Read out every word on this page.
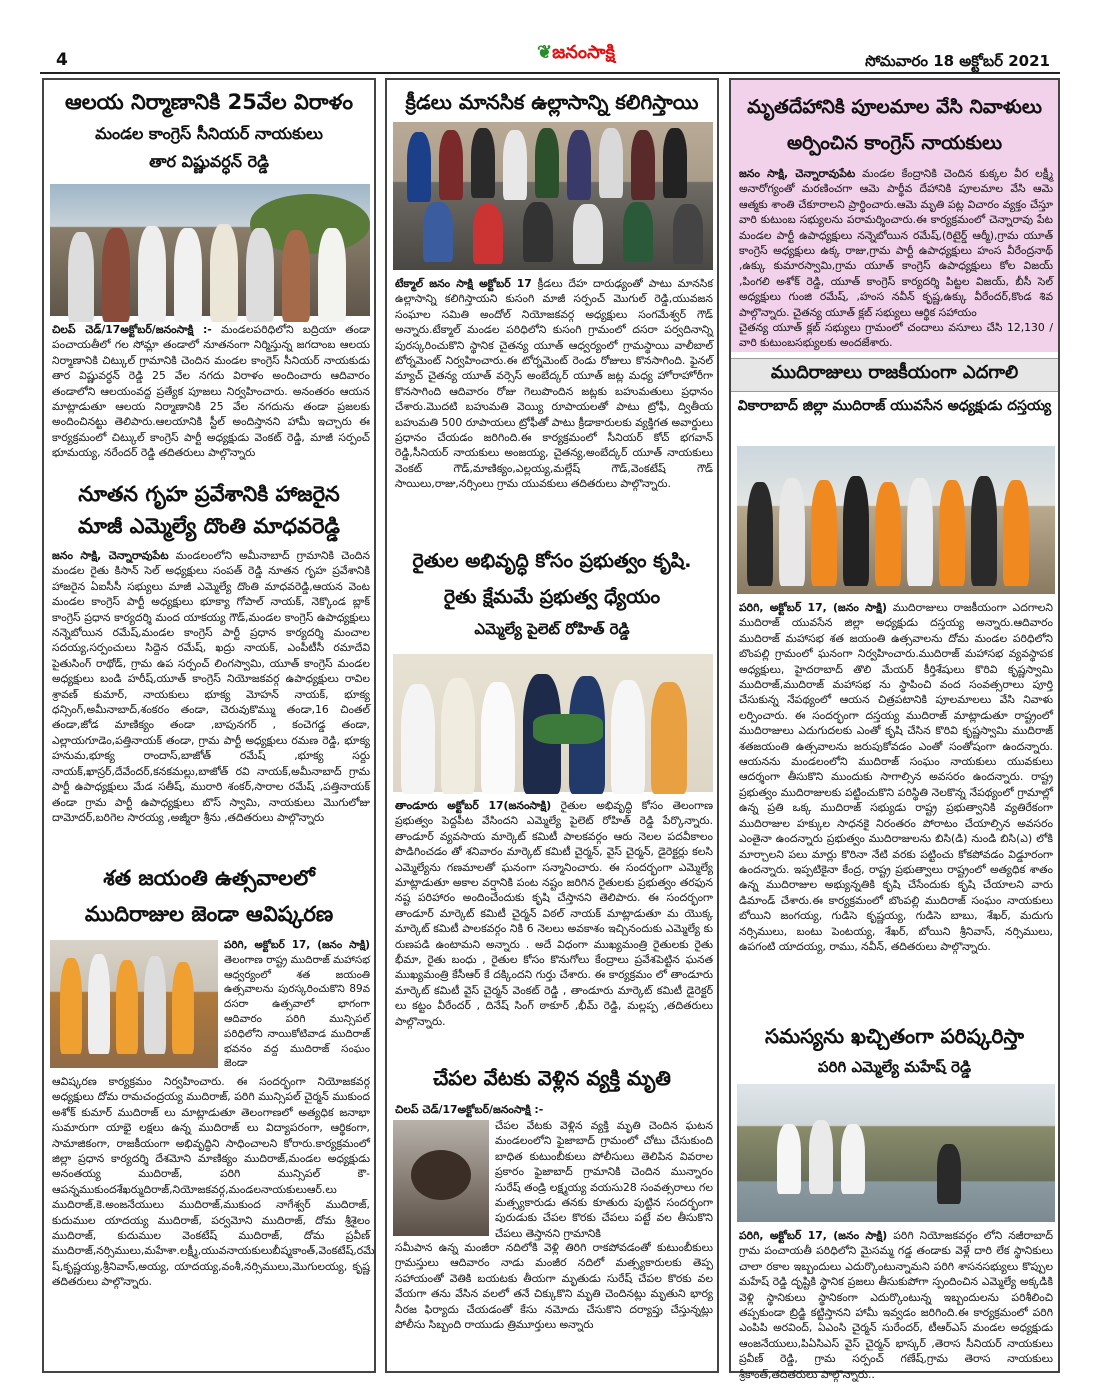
4	❦జనంసాక్షి	సోమవారం 18 అక్టోబర్ 2021
ఆలయ నిర్మాణానికి 25వేల విరాళం
మండల కాంగ్రెస్ సీనియర్ నాయకులు
తార విష్ణువర్ధన్ రెడ్డి

చిలప్ చెడ్/17అక్టోబర్/జనంసాక్షి :- మండలపరిధిలోని బద్రియా తండా పంచాయతీలో గల సోమ్లా తండాలో నూతనంగా నిర్మిస్తున్న జగదాంబ ఆలయ నిర్మాణానికి చిట్కుల్ గ్రామానికి చెందిన మండల కాంగ్రెస్ సీనియర్ నాయకుడు తార విష్ణువర్ధన్ రెడ్డి 25 వేల నగదు విరాళం అందించారు ఆదివారం తండాలోని ఆలయంవద్ద ప్రత్యేక పూజలు నిర్వహించారు. అనంతరం ఆయన మాట్లాడుతూ ఆలయ నిర్మాణానికి 25 వేల నగదును తండా ప్రజలకు అందించినట్టు తెలిపారు.ఆలయానికి స్టీల్ అందిస్తానని హామీ ఇచ్చారు ఈ కార్యక్రమంలో చిట్కుల్ కాంగ్రెస్ పార్టీ అధ్యక్షుడు వెంకట్ రెడ్డి, మాజీ సర్పంచ్ భూమయ్య, నరేందర్ రెడ్డి తదితరులు పాల్గొన్నారు

నూతన గృహ ప్రవేశానికి హాజరైన
మాజీ ఎమ్మెల్యే దొంతి మాధవరెడ్డి

జనం సాక్షి, చెన్నారావుపేట మండలంలోని అమీనాబాద్ గ్రామానికి చెందిన మండల రైతు కిసాన్ సెల్ అధ్యక్షులు సంపత్ రెడ్డి నూతన గృహ ప్రవేశానికి హాజరైన ఏఐసీసీ సభ్యులు మాజీ ఎమ్మెల్యే దొంతి మాధవరెడ్డి,ఆయన వెంట మండల కాంగ్రెస్ పార్టీ అధ్యక్షులు భూక్యా గోపాల్ నాయక్, నెక్కొండ బ్లాక్ కాంగ్రెస్ ప్రధాన కార్యదర్శి మంద యాకయ్య గౌడ్,మండల కాంగ్రెస్ ఉపాధ్యక్షులు నన్నెబోయిన రమేష్,మండల కాంగ్రెస్ పార్టీ ప్రధాన కార్యదర్శి మంచాల సదయ్య,సర్పంచులు సిద్దెన రమేష్, ఖద్రు నాయక్, ఎంపీటీసీ రమాదేవి పైతుసింగ్ రాథోడ్, గ్రామ ఉప సర్పంచ్ లింగస్వామి, యూత్ కాంగ్రెస్ మండల అధ్యక్షులు బండి హరీష్,యూత్ కాంగ్రెస్ నియోజకవర్గ ఉపాధ్యక్షులు రావిల శ్రావణ్ కుమార్, నాయకులు భూక్య మోహన్ నాయక్, భూక్య ధన్సింగ్,అమీనాబాద్,శంకరం తండా, చెరువుకొమ్ము తండా,16 చింతల్ తండా,జోడ మాణిక్యం తండా ,బాపునగర్ , కంచెగడ్డ తండా, ఎల్లాయగూడెం,పత్తినాయక్ తండా, గ్రామ పార్టీ అధ్యక్షులు రమణ రెడ్డి, భూక్య హనుమ,భూక్య రాందాస్,బాజోత్ రమేష్ ,భూక్య సర్దు నాయక్,ఖాస్రర్,దేవేందర్,కనకమల్లు,బాజోత్ రవి నాయక్,అమీనాబాద్ గ్రామ పార్టీ ఉపాధ్యక్షులు మేడ సతీష్, మురారి శంకర్,సారాల రమేష్ ,పత్తినాయక్ తండా గ్రామ పార్టీ ఉపాధ్యక్షులు బొస్ స్వామి, నాయకులు మొగులోజు దామోదర్,బరిగెల సారయ్య ,అజ్మీరా శ్రీను ,తదితరులు పాల్గొన్నారు

శత జయంతి ఉత్సవాలలో
ముదిరాజుల జెండా ఆవిష్కరణ

పరిగి, అక్టోబర్ 17, (జనం సాక్షి) తెలంగాణ రాష్ట్ర ముదిరాజ్ మహాసభ ఆధ్వర్యంలో శత జయంతి ఉత్సవాలను పురస్కరించుకొని 89వ దసరా ఉత్సవాలో భాగంగా ఆదివారం పరిగి మున్సిపల్ పరిధిలోని నాయికోటివాడ ముదిరాజ్ భవనం వద్ద ముదిరాజ్ సంఘం జెండా

ఆవిష్కరణ కార్యక్రమం నిర్వహించారు. ఈ సందర్భంగా నియోజకవర్గ అధ్యక్షులు దోమ రామచంద్రయ్య ముదిరాజ్, పరిగి మున్సిపల్ చైర్మన్ ముకుంద అశోక్ కుమార్ ముదిరాజ్ లు మాట్లాడుతూ తెలంగాణలో అత్యధిక జనాభా సుమారుగా యాభై లక్షలు ఉన్న ముదిరాజ్ లు విద్యాపరంగా, ఆర్థికంగా, సామాజికంగా, రాజకీయంగా అభివృద్ధిని సాధించాలని కోరారు.కార్యక్రమంలో జిల్లా ప్రధాన కార్యదర్శి దేశమోని మాణిక్యం ముదిరాజ్,మండల అధ్యక్షుడు అనంతయ్య ముదిరాజ్, పరిగి మున్సిపల్ కౌ- ఆపన్నముకుందశేఖర్ముదిరాజ్,నియోజకవర్గ,మండలనాయకులుఆర్.లు ముదిరాజ్,కె.అంజనేయులు ముదిరాజ్,ముకుంద నాగేశ్వర్ ముదిరాజ్, కుదుముల యాదయ్య ముదిరాజ్, పర్వమోని ముదిరాజ్, దోమ శ్రీశైలం ముదిరాజ్, కుదుముల వెంకటేష్ ముదిరాజ్, దోమ ప్రవీణ్ ముదిరాజ్,నర్సిములు,మహేశా.లక్ష్మీ,యువనాయకులుబీష్మకాంత్,వెంకటేష్,రమే ష్,కృష్ణయ్య,శ్రీనివాస్,అయ్య, యాదయ్య,వంశీ,నర్సిములు,మొగులయ్య, కృష్ణ తదితరులు పాల్గొన్నారు.

క్రీడలు మానసిక ఉల్లాసాన్ని కలిగిస్తాయి

టేక్మాల్ జనం సాక్షి అక్టోబర్ 17 క్రీడలు దేహ దారుఢ్యంతో పాటు మానసిక ఉల్లాసాన్ని కలిగిస్తాయని కుసంగి మాజీ సర్పంచ్ మొగుల్ రెడ్డి,యువజన సంఘాల సమితి అందోల్ నియోజకవర్గ అధ్యక్షులు సంగమేశ్వర్ గౌడ్ అన్నారు.టేక్మాల్ మండల పరిధిలోని కుసంగి గ్రామంలో దసరా పర్వదినాన్ని పురస్కరించుకొని స్థానిక చైతన్య యూత్ ఆధ్వర్యంలో గ్రామస్థాయి వాలీబాల్ టోర్నమెంట్ నిర్వహించారు.ఈ టోర్నమెంట్ రెండు రోజులు కొనసాగింది. ఫైనల్ మ్యాచ్ చైతన్య యూత్ వర్సెస్ అంబేద్కర్ యూత్ జట్ల మధ్య హోరాహోరీగా కొనసాగింది ఆదివారం రోజు గెలుపొందిన జట్లకు బహుమతులు ప్రధానం చేశారు.మొదటి బహుమతి వెయ్యి రూపాయలతో పాటు ట్రోఫీ, ద్వితీయ బహుమతి 500 రూపాయలు ట్రోఫీతో పాటు క్రీడాకారులకు వ్యక్తిగత అవార్డులు ప్రధానం చేయడం జరిగింది.ఈ కార్యక్రమంలో సీనియర్ కోచ్ భగవాన్ రెడ్డి,సీనియర్ నాయకులు అంజయ్య, చైతన్య,అంబేద్కర్ యూత్ నాయకులు వెంకట్ గౌడ్,మాణిక్యం,ఎల్లయ్య,మల్లేష్ గౌడ్,వెంకటేష్ గౌడ్ సాయిలు,రాజు,నర్సింలు గ్రామ యువకులు తదితరులు పాల్గొన్నారు.

రైతుల అభివృద్ధి కోసం ప్రభుత్వం కృషి.
రైతు క్షేమమే ప్రభుత్వ ధ్యేయం
ఎమ్మెల్యే పైలెట్ రోహిత్ రెడ్డి

తాండూరు అక్టోబర్ 17(జనంసాక్షి) రైతుల అభివృద్ధి కోసం తెలంగాణ ప్రభుత్వం పెద్దపీట వేసిందని ఎమ్మెల్యే పైలెట్ రోహిత్ రెడ్డి పేర్కొన్నారు. తాండూర్ వ్యవసాయ మార్కెట్ కమిటీ పాలకవర్గం ఆరు నెలల పదవీకాలం పొడిగించడం తో శనివారం మార్కెట్ కమిటీ చైర్మన్, వైస్ చైర్మన్, డైరెక్టర్లు కలసి ఎమ్మెల్యేను గణమాలతో ఘనంగా సన్మానించారు. ఈ సందర్భంగా ఎమ్మెల్యే మాట్లాడుతూ అకాల వర్షానికి పంట నష్టం జరిగిన రైతులకు ప్రభుత్వం తరఫున నష్ట పరిహారం అందించేందుకు కృషి చేస్తానని తెలిపారు. ఈ సందర్భంగా తాండూర్ మార్కెట్ కమిటీ చైర్మన్ విఠల్ నాయక్ మాట్లాడుతూ మ యొక్క మార్కెట్ కమిటీ పాలకవర్గం నికి 6 నెలలు అవకాశం ఇచ్చినందుకు ఎమ్మెల్యే కు రుణపడి ఉంటామని అన్నారు . అదే విధంగా ముఖ్యమంత్రి రైతులకు రైతు భీమా, రైతు బంధు , రైతుల కోసం కొనుగోలు కేంద్రాలు ప్రవేశపెట్టిన ఘనత ముఖ్యమంత్రి కేసీఆర్ కే దక్కిందని గుర్తు చేశారు. ఈ కార్యక్రమం లో తాండూరు మార్కెట్ కమిటీ వైస్ చైర్మన్ వెంకట్ రెడ్డి , తాండూరు మార్కెట్ కమిటీ డైరెక్టర్ లు కట్టం వీరేందర్ , దినేష్ సింగ్ ఠాకూర్ ,భీమ్ రెడ్డి, మల్లప్ప ,తదితరులు పాల్గొన్నారు.

చేపల వేటకు వెళ్లిన వ్యక్తి మృతి

చిలప్ చెడ్/17అక్టోబర్/జనంసాక్షి :-

చేపల వేటకు వెళ్లిన వ్యక్తి మృతి చెందిన ఘటన మండలంలోని ఫైజాబాద్ గ్రామంలో చోటు చేసుకుంది బాధిత కుటుంబీకులు పోలీసులు తెలిపిన వివరాల ప్రకారం ఫైజాబాద్ గ్రామానికి చెందిన మున్నారం సురేష్ తండ్రి లక్ష్మయ్య వయసు28 సంవత్సరాలు గల మత్స్యకారుడు తనకు కూతురు పుట్టిన సందర్భంగా పురుడుకు చేపల కొరకు చేపలు పట్టే వల తీసుకొని చేపలు తెస్తానని గ్రామానికి

సమీపాన ఉన్న మంజీరా నదిలోకి వెళ్లి తిరిగి రాకపోవడంతో కుటుంబీకులు గ్రామస్తులు ఆదివారం నాడు మంజీర నదిలో మత్స్యకారులకు తెప్ప సహాయంతో వెతికి బయటకు తీయగా మృతుడు సురేష్ చేపల కొరకు వల వేయగా తను వేసిన వలలో తనే చిక్కుకొని మృతి చెందినట్లు మృతుని భార్య నీరజ ఫిర్యాదు చేయడంతో కేసు నమోదు చేసుకొని దర్యాప్తు చేస్తున్నట్లు పోలీసు సిబ్బంది రాయుడు త్రిమూర్తులు అన్నారు

మృతదేహానికి పూలమాల వేసి నివాళులు
అర్పించిన కాంగ్రెస్ నాయకులు

జనం సాక్షి, చెన్నారావుపేట మండల కేంద్రానికి చెందిన కుక్కల వీర లక్ష్మీ అనారోగ్యంతో మరణించగా ఆమె పార్థీవ దేహానికి పూలమాల వేసి ఆమె ఆత్మకు శాంతి చేకూరాలని ప్రార్థించారు.ఆమె మృతి పట్ల విచారం వ్యక్తం చేస్తూ వారి కుటుంబ సభ్యులను పరామర్శించారు.ఈ కార్యక్రమంలో చెన్నారావు పేట మండల పార్టీ ఉపాధ్యక్షులు నన్నెబోయిన రమేష్,(రిటైర్డ్ ఆర్మీ),గ్రామ యూత్ కాంగ్రెస్ అధ్యక్షులు ఉక్క రాజు,గ్రామ పార్టీ ఉపాధ్యక్షులు హంస వీరేంద్రనాథ్ ,ఉక్కు కుమారస్వామి,గ్రామ యూత్ కాంగ్రెస్ ఉపాధ్యక్షులు కోల విజయ్ ,పింగలి అశోక్ రెడ్డి, యూత్ కాంగ్రెస్ కార్యదర్శి పిట్టల విజయ్, బీసీ సెల్ అధ్యక్షులు గుంజి రమేష్, ,హంస నవీన్ కృష్ణ,ఉక్కు వీరేందర్,కొండ శివ పాల్గొన్నారు. చైతన్య యూత్ క్లబ్ సభ్యులు ఆర్థిక సహాయం

చైతన్య యూత్ క్లబ్ సభ్యులు గ్రామంలో చందాలు వసూలు చేసి 12,130 / వారి కుటుంబసభ్యులకు అందజేశారు.

ముదిరాజులు రాజకీయంగా ఎదగాలి
వికారాబాద్ జిల్లా ముదిరాజ్ యువసేన అధ్యక్షుడు దస్తయ్య

పరిగి, అక్టోబర్ 17, (జనం సాక్షి) ముదిరాజులు రాజకీయంగా ఎదగాలని ముదిరాజ్ యువసేన జిల్లా అధ్యక్షుడు దస్తయ్య అన్నారు.ఆదివారం ముదిరాజ్ మహాసభ శత జయంతి ఉత్సవాలను దోమ మండల పరిధిలోని బొంపల్లి గ్రామంలో ఘనంగా నిర్వహించారు.ముదిరాజ్ మహాసభ వ్యవస్థాపక అధ్యక్షులు, హైదరాబాద్ తొలి మేయర్ కీర్తిశేషులు కొరివి కృష్ణస్వామి ముదిరాజ్,ముదిరాజ్ మహాసభ ను స్థాపించి వంద సంవత్సరాలు పూర్తి చేసుకున్న నేపథ్యంలో ఆయన చిత్రపటానికి పూలమాలలు వేసి నివాళు లర్పించారు. ఈ సందర్భంగా దస్తయ్య ముదిరాజ్ మాట్లాడుతూ రాష్ట్రంలో ముదిరాజులు ఎదుగుదలకు ఎంతో కృషి చేసిన కొరివి కృష్ణస్వామి ముదిరాజ్ శతజయంతి ఉత్సవాలను జరుపుకోవడం ఎంతో సంతోషంగా ఉందన్నారు. ఆయనను మండలంలోని ముదిరాజ్ సంఘం నాయకులు యువకులు ఆదర్శంగా తీసుకొని ముందుకు సాగాల్సిన అవసరం ఉందన్నారు. రాష్ట్ర ప్రభుత్వం ముదిరాజులకు పట్టించుకొని పరిస్థితి నెలకొన్న నేపథ్యంలో గ్రామాల్లో ఉన్న ప్రతి ఒక్క ముదిరాజ్ సభ్యుడు రాష్ట్ర ప్రభుత్వానికి వ్యతిరేకంగా ముదిరాజుల హక్కుల సాధనకై నిరంతరం పోరాటం చేయాల్సిన అవసరం ఎంతైనా ఉందన్నారు ప్రభుత్వం ముదిరాజులను బిసి(డి) నుండి బిసి(ఎ) లోకి మార్చాలని పలు మార్లు కొరినా నేటి వరకు పట్టించు కోకపోవడం విడ్డూరంగా ఉందన్నారు. ఇప్పటికైనా కేంద్ర, రాష్ట్ర ప్రభుత్వాలు రాష్ట్రంలో అత్యధిక శాతం ఉన్న ముదిరాజుల అభ్యున్నతికి కృషి చేసేందుకు కృషి చేయాలని వారు డిమాండ్ చేశారు.ఈ కార్యక్రమంలో బొంపల్లి ముదిరాజ్ సంఘం నాయకులు బోయిని జంగయ్య, గుడిసె కృష్ణయ్య, గుడిసె బాబు, శేఖర్, మదుగు నర్సిములు, బంటు పెంటయ్య, శేఖర్, బోయిని శ్రీనివాస్, నర్సిములు, ఉపగంటి యాదయ్య, రాము, నవీన్, తదితరులు పాల్గొన్నారు.

సమస్యను ఖచ్చితంగా పరిష్కరిస్తా
పరిగి ఎమ్మెల్యే మహేష్ రెడ్డి

పరిగి, అక్టోబర్ 17, (జనం సాక్షి) పరిగి నియోజకవర్గం లోని నజీరాబాద్ గ్రామ పంచాయతీ పరిధిలోని మైసమ్మ గడ్డ తండాకు వెళ్లే దారి లేక స్థానికులు చాలా రకాల ఇబ్బందులు ఎదుర్కొంటున్నామని పరిగి శాసనసభ్యులు కొప్పుల మహేష్ రెడ్డి దృష్టికి స్థానిక ప్రజలు తీసుకుపోగా స్పందించిన ఎమ్మెల్యే అక్కడికి వెళ్లి స్థానికులు స్థానికంగా ఎదుర్కొంటున్న ఇబ్బందులను పరిశీలించి తప్పకుండా బ్రిడ్జి కట్టిస్తానని హామీ ఇవ్వడం జరిగింది.ఈ కార్యక్రమంలో పరిగి ఎంపిపి అరవింద్, ఏఎంసి చైర్మన్ సురేందర్, టీఆర్ఎస్ మండల అధ్యక్షుడు ఆంజనేయులు,పిఏసిఎస్ వైస్ చైర్మన్ భాస్కర్ ,తెరాస సీనియర్ నాయకులు ప్రవీణ్ రెడ్డి, గ్రామ సర్పంచ్ గణేష్,గ్రామ తెరాస నాయకులు శ్రీకాంత్,తదితరులు పాల్గొన్నారు..
